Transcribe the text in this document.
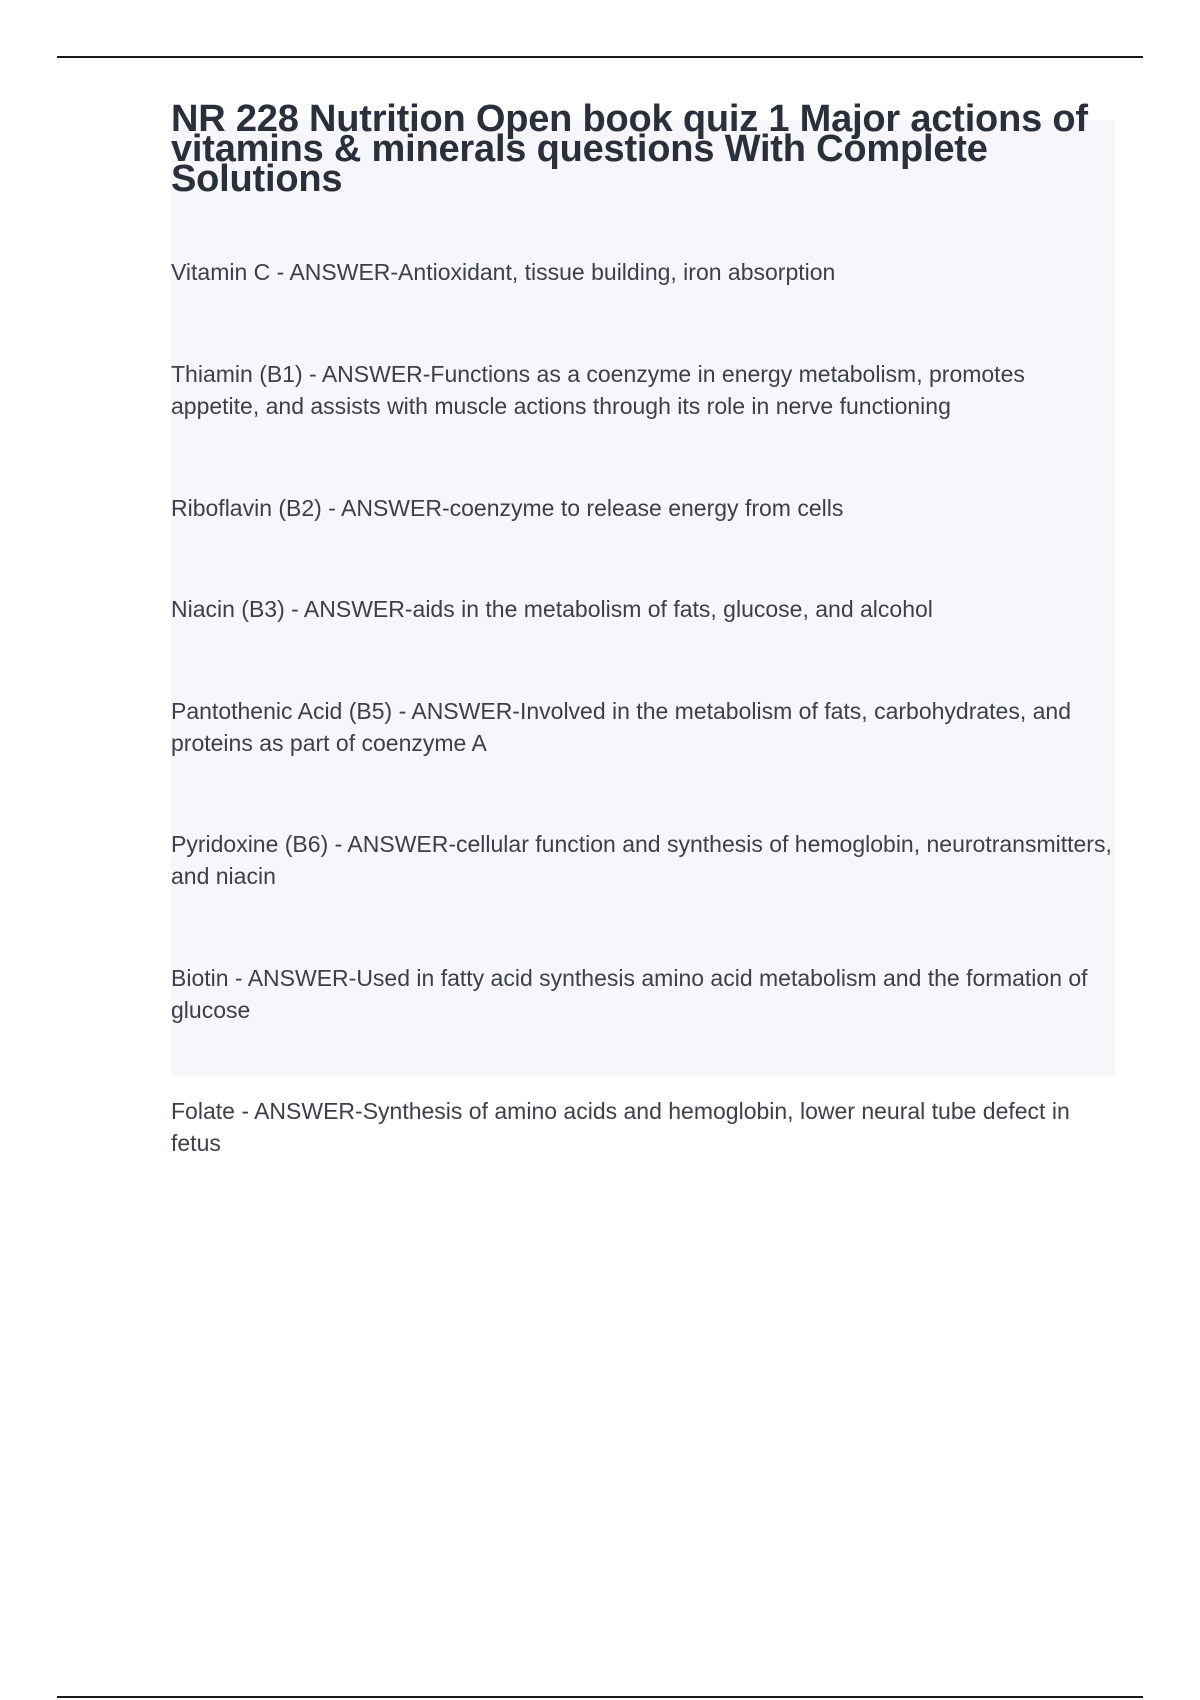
NR 228 Nutrition Open book quiz 1 Major actions of vitamins & minerals questions With Complete Solutions
Vitamin C - ANSWER-Antioxidant, tissue building, iron absorption
Thiamin (B1) - ANSWER-Functions as a coenzyme in energy metabolism, promotes appetite, and assists with muscle actions through its role in nerve functioning
Riboflavin (B2) - ANSWER-coenzyme to release energy from cells
Niacin (B3) - ANSWER-aids in the metabolism of fats, glucose, and alcohol
Pantothenic Acid (B5) - ANSWER-Involved in the metabolism of fats, carbohydrates, and proteins as part of coenzyme A
Pyridoxine (B6) - ANSWER-cellular function and synthesis of hemoglobin, neurotransmitters, and niacin
Biotin - ANSWER-Used in fatty acid synthesis amino acid metabolism and the formation of glucose
Folate - ANSWER-Synthesis of amino acids and hemoglobin, lower neural tube defect in fetus
